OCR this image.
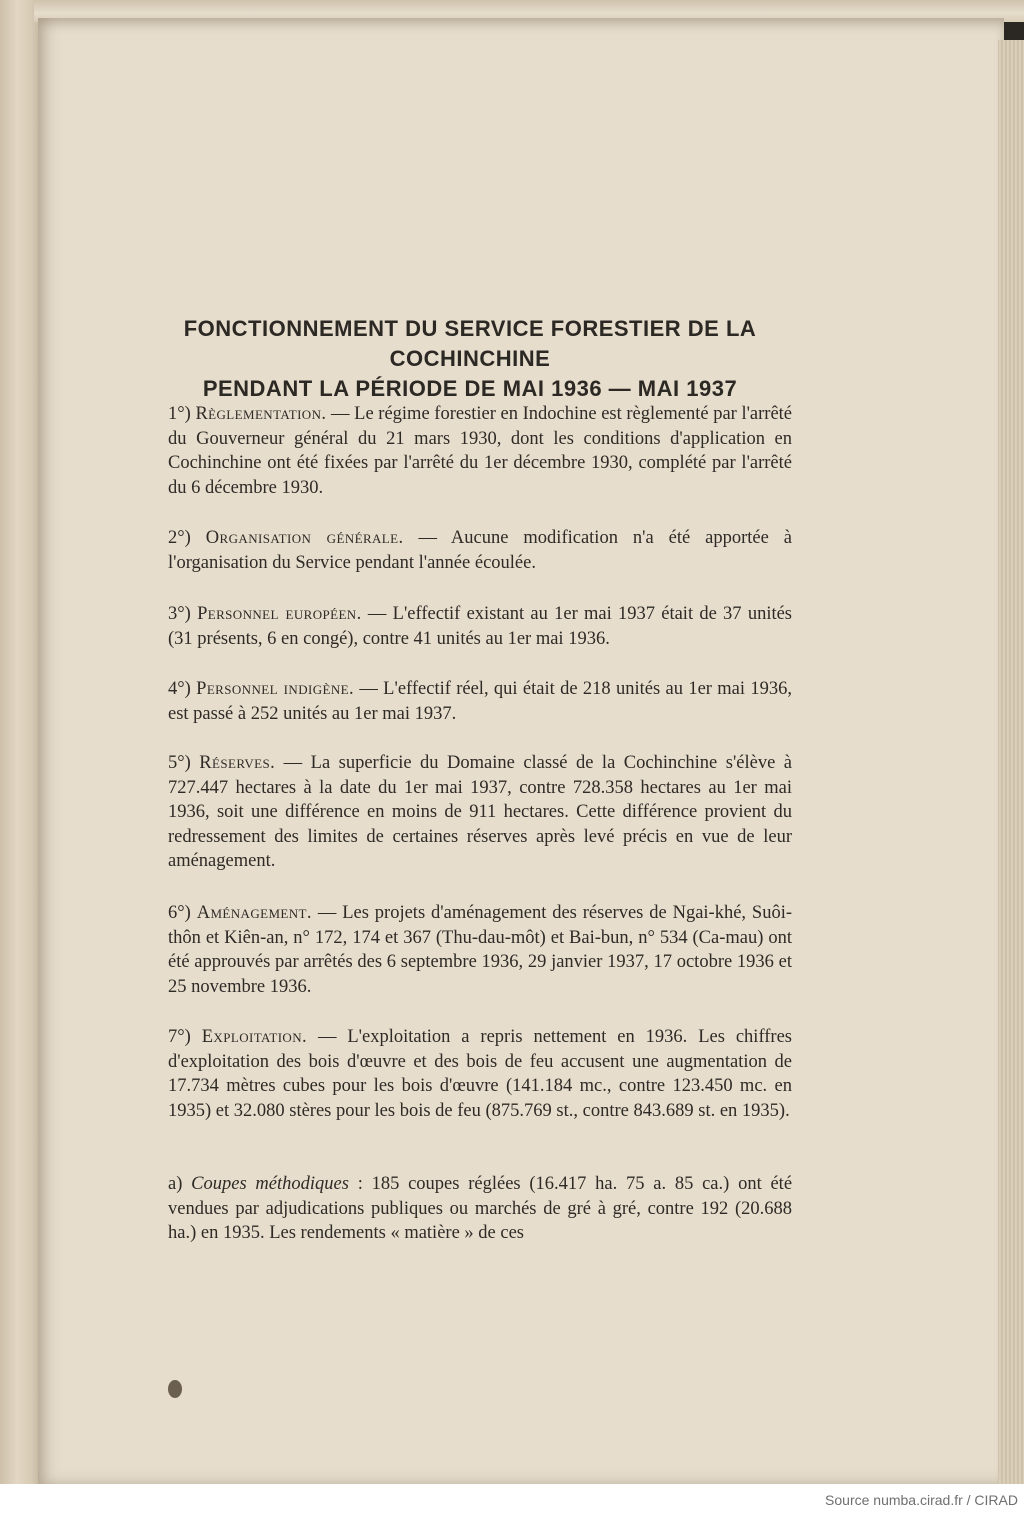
FONCTIONNEMENT DU SERVICE FORESTIER DE LA COCHINCHINE
PENDANT LA PÉRIODE DE MAI 1936 — MAI 1937

1°) Règlementation. — Le régime forestier en Indochine est règlementé par l'arrêté du Gouverneur général du 21 mars 1930, dont les conditions d'application en Cochinchine ont été fixées par l'arrêté du 1er décembre 1930, complété par l'arrêté du 6 décembre 1930.

2°) Organisation générale. — Aucune modification n'a été apportée à l'organisation du Service pendant l'année écoulée.

3°) Personnel européen. — L'effectif existant au 1er mai 1937 était de 37 unités (31 présents, 6 en congé), contre 41 unités au 1er mai 1936.

4°) Personnel indigène. — L'effectif réel, qui était de 218 unités au 1er mai 1936, est passé à 252 unités au 1er mai 1937.

5°) Réserves. — La superficie du Domaine classé de la Cochinchine s'élève à 727.447 hectares à la date du 1er mai 1937, contre 728.358 hectares au 1er mai 1936, soit une différence en moins de 911 hectares. Cette différence provient du redressement des limites de certaines réserves après levé précis en vue de leur aménagement.

6°) Aménagement. — Les projets d'aménagement des réserves de Ngai-khé, Suôi-thôn et Kiên-an, n° 172, 174 et 367 (Thu-dau-môt) et Bai-bun, n° 534 (Ca-mau) ont été approuvés par arrêtés des 6 septembre 1936, 29 janvier 1937, 17 octobre 1936 et 25 novembre 1936.

7°) Exploitation. — L'exploitation a repris nettement en 1936. Les chiffres d'exploitation des bois d'œuvre et des bois de feu accusent une augmentation de 17.734 mètres cubes pour les bois d'œuvre (141.184 mc., contre 123.450 mc. en 1935) et 32.080 stères pour les bois de feu (875.769 st., contre 843.689 st. en 1935).

a) Coupes méthodiques : 185 coupes réglées (16.417 ha. 75 a. 85 ca.) ont été vendues par adjudications publiques ou marchés de gré à gré, contre 192 (20.688 ha.) en 1935. Les rendements « matière » de ces

Source numba.cirad.fr / CIRAD
